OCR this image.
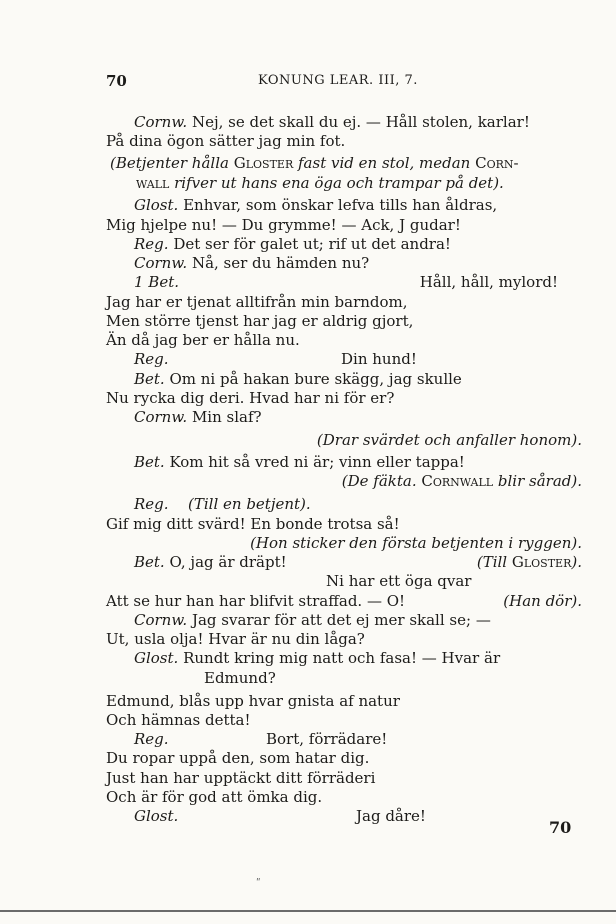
70	KONUNG LEAR. III, 7.
Cornw. Nej, se det skall du ej. — Håll stolen, karlar!
På dina ögon sätter jag min fot.
(Betjenter hålla Gloster fast vid en stol, medan Corn-
wall rifver ut hans ena öga och trampar på det).
Glost. Enhvar, som önskar lefva tills han åldras,
Mig hjelpe nu! — Du grymme! — Ack, J gudar!
Reg. Det ser för galet ut; rif ut det andra!
Cornw. Nå, ser du hämden nu?
1 Bet.	Håll, håll, mylord!
Jag har er tjenat alltifrån min barndom,
Men större tjenst har jag er aldrig gjort,
Än då jag ber er hålla nu.
Reg.	Din hund!
Bet. Om ni på hakan bure skägg, jag skulle
Nu rycka dig deri. Hvad har ni för er?
Cornw. Min slaf?
(Drar svärdet och anfaller honom).
Bet. Kom hit så vred ni är; vinn eller tappa!
(De fäkta. Cornwall blir sårad).
Reg. (Till en betjent).
Gif mig ditt svärd! En bonde trotsa så!
(Hon sticker den första betjenten i ryggen).
Bet. O, jag är dräpt!	(Till Gloster).
Ni har ett öga qvar
Att se hur han har blifvit straffad. — O!	(Han dör).
Cornw. Jag svarar för att det ej mer skall se; —
Ut, usla olja! Hvar är nu din låga?
Glost. Rundt kring mig natt och fasa! — Hvar är
Edmund?
Edmund, blås upp hvar gnista af natur
Och hämnas detta!
Reg.	Bort, förrädare!
Du ropar uppå den, som hatar dig.
Just han har upptäckt ditt förräderi
Och är för god att ömka dig.
Glost.	Jag dåre!
70
ʺ
